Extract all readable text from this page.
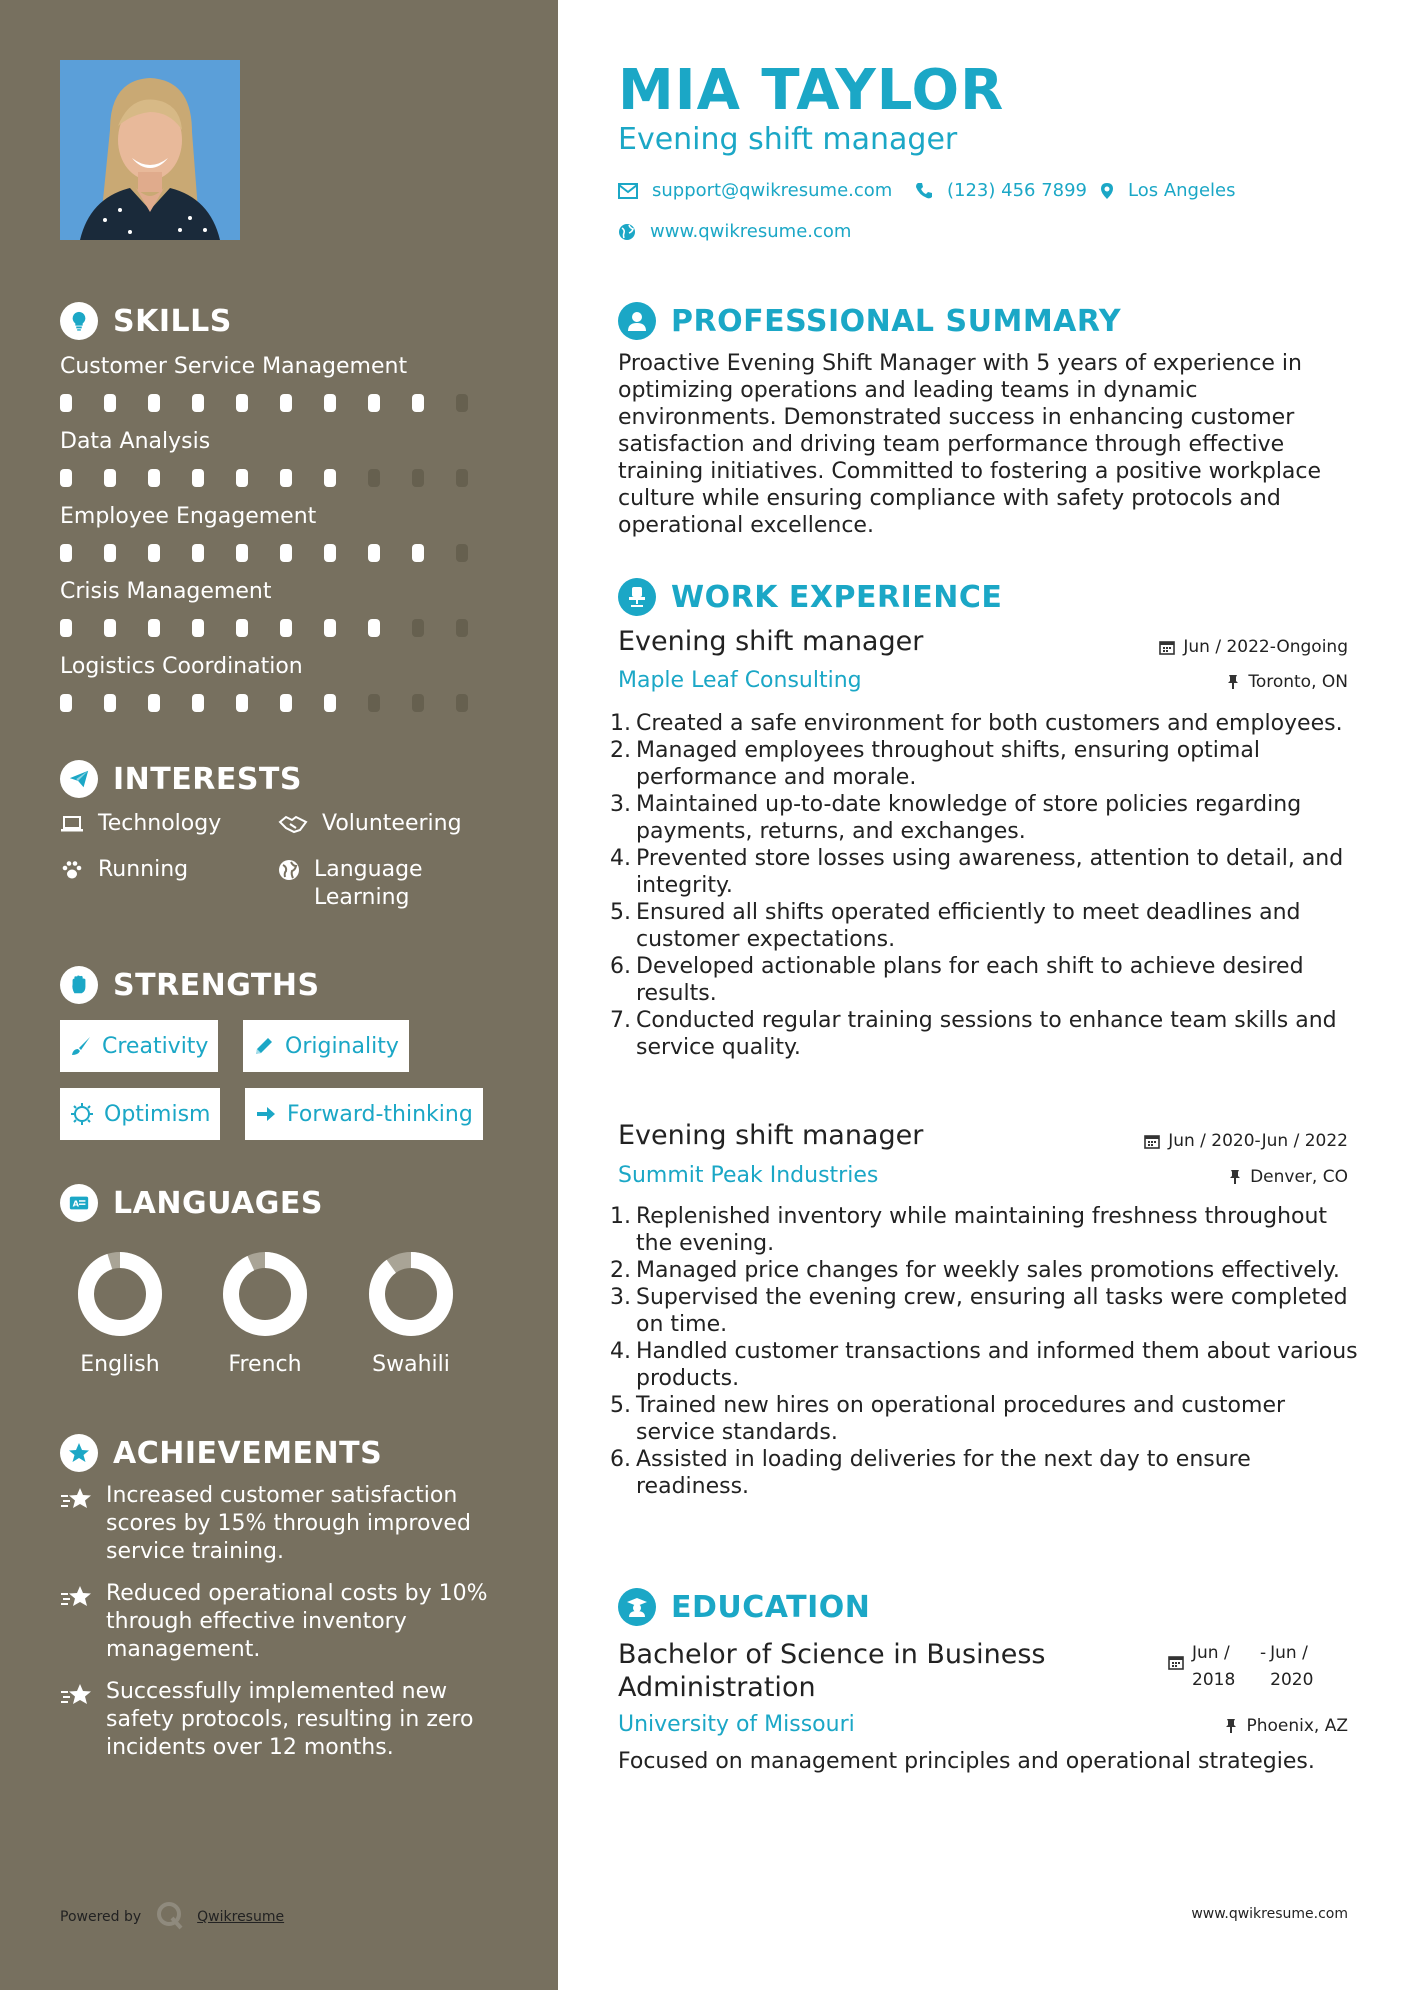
SKILLS
Customer Service Management
Data Analysis
Employee Engagement
Crisis Management
Logistics Coordination
INTERESTS
Technology	Volunteering
Running	Language Learning
STRENGTHS
Creativity	Originality
Optimism	Forward-thinking
A LANGUAGES
English	French	Swahili
ACHIEVEMENTS
Increased customer satisfaction scores by 15% through improved service training.
Reduced operational costs by 10% through effective inventory management.
Successfully implemented new safety protocols, resulting in zero incidents over 12 months.
Powered by	Qwikresume
MIA TAYLOR
Evening shift manager
support@qwikresume.com	(123) 456 7899 Los Angeles
www.qwikresume.com
PROFESSIONAL SUMMARY
Proactive Evening Shift Manager with 5 years of experience in optimizing operations and leading teams in dynamic environments. Demonstrated success in enhancing customer satisfaction and driving team performance through effective training initiatives. Committed to fostering a positive workplace culture while ensuring compliance with safety protocols and operational excellence.
WORK EXPERIENCE
Evening shift manager	Jun / 2022-Ongoing
Maple Leaf Consulting	Toronto, ON
1. Created a safe environment for both customers and employees.
2. Managed employees throughout shifts, ensuring optimal performance and morale.
3. Maintained up-to-date knowledge of store policies regarding payments, returns, and exchanges.
4. Prevented store losses using awareness, attention to detail, and integrity.
5. Ensured all shifts operated efficiently to meet deadlines and customer expectations.
6. Developed actionable plans for each shift to achieve desired results.
7. Conducted regular training sessions to enhance team skills and service quality.
Evening shift manager	Jun / 2020-Jun / 2022
Summit Peak Industries	Denver, CO
1. Replenished inventory while maintaining freshness throughout the evening.
2. Managed price changes for weekly sales promotions effectively.
3. Supervised the evening crew, ensuring all tasks were completed on time.
4. Handled customer transactions and informed them about various products.
5. Trained new hires on operational procedures and customer service standards.
6. Assisted in loading deliveries for the next day to ensure readiness.
EDUCATION
Bachelor of Science in Business Administration
Jun / 2018
- Jun / 2020
University of Missouri	Phoenix, AZ
Focused on management principles and operational strategies.
www.qwikresume.com
